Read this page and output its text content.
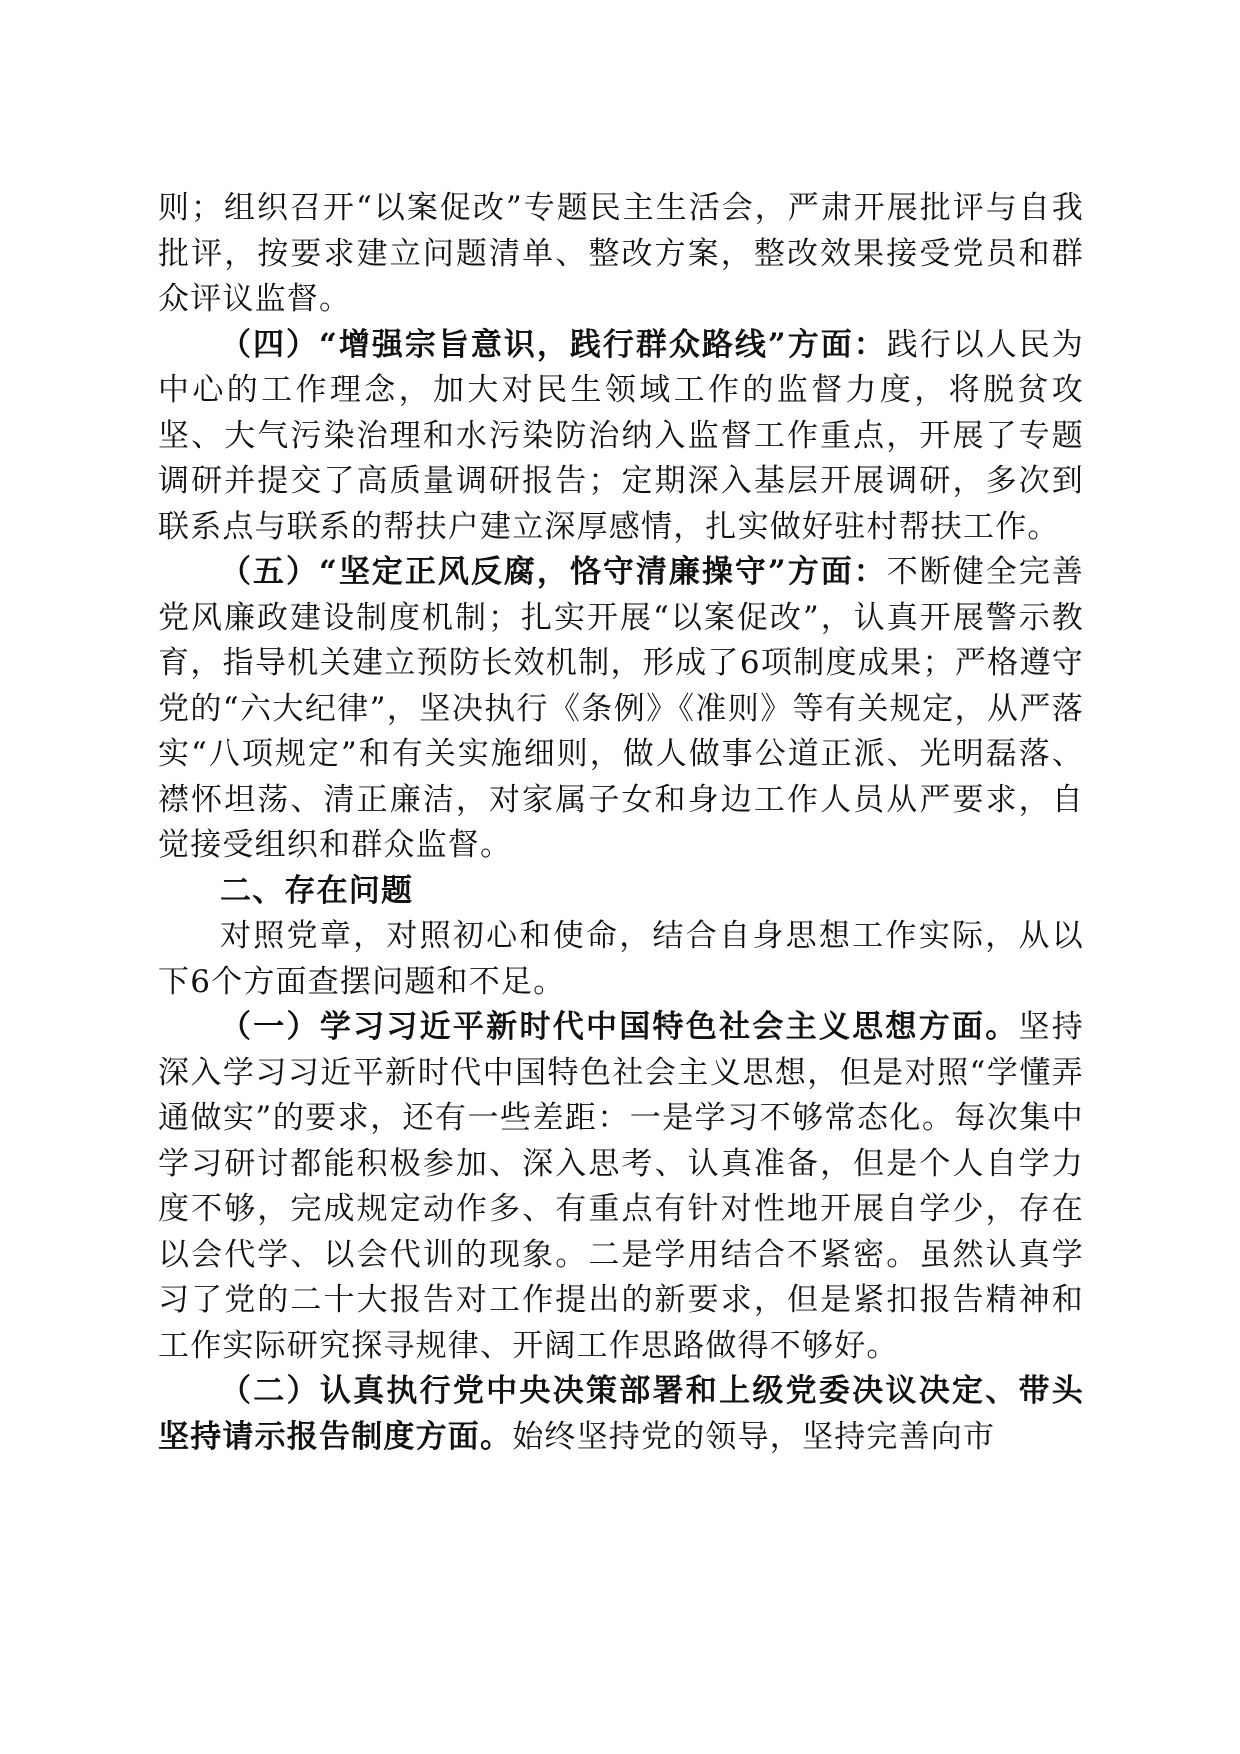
则；组织召开“以案促改”专题民主生活会，严肃开展批评与自我批评，按要求建立问题清单、整改方案，整改效果接受党员和群众评议监督。

（四）“增强宗旨意识，践行群众路线”方面：践行以人民为中心的工作理念，加大对民生领域工作的监督力度，将脱贫攻坚、大气污染治理和水污染防治纳入监督工作重点，开展了专题调研并提交了高质量调研报告；定期深入基层开展调研，多次到联系点与联系的帮扶户建立深厚感情，扎实做好驻村帮扶工作。

（五）“坚定正风反腐，恪守清廉操守”方面：不断健全完善党风廉政建设制度机制；扎实开展“以案促改”，认真开展警示教育，指导机关建立预防长效机制，形成了6项制度成果；严格遵守党的“六大纪律”，坚决执行《条例》《准则》等有关规定，从严落实“八项规定”和有关实施细则，做人做事公道正派、光明磊落、襟怀坦荡、清正廉洁，对家属子女和身边工作人员从严要求，自觉接受组织和群众监督。

二、存在问题

对照党章，对照初心和使命，结合自身思想工作实际，从以下6个方面查摆问题和不足。

（一）学习习近平新时代中国特色社会主义思想方面。坚持深入学习习近平新时代中国特色社会主义思想，但是对照“学懂弄通做实”的要求，还有一些差距：一是学习不够常态化。每次集中学习研讨都能积极参加、深入思考、认真准备，但是个人自学力度不够，完成规定动作多、有重点有针对性地开展自学少，存在以会代学、以会代训的现象。二是学用结合不紧密。虽然认真学习了党的二十大报告对工作提出的新要求，但是紧扣报告精神和工作实际研究探寻规律、开阔工作思路做得不够好。

（二）认真执行党中央决策部署和上级党委决议决定、带头坚持请示报告制度方面。始终坚持党的领导，坚持完善向市
